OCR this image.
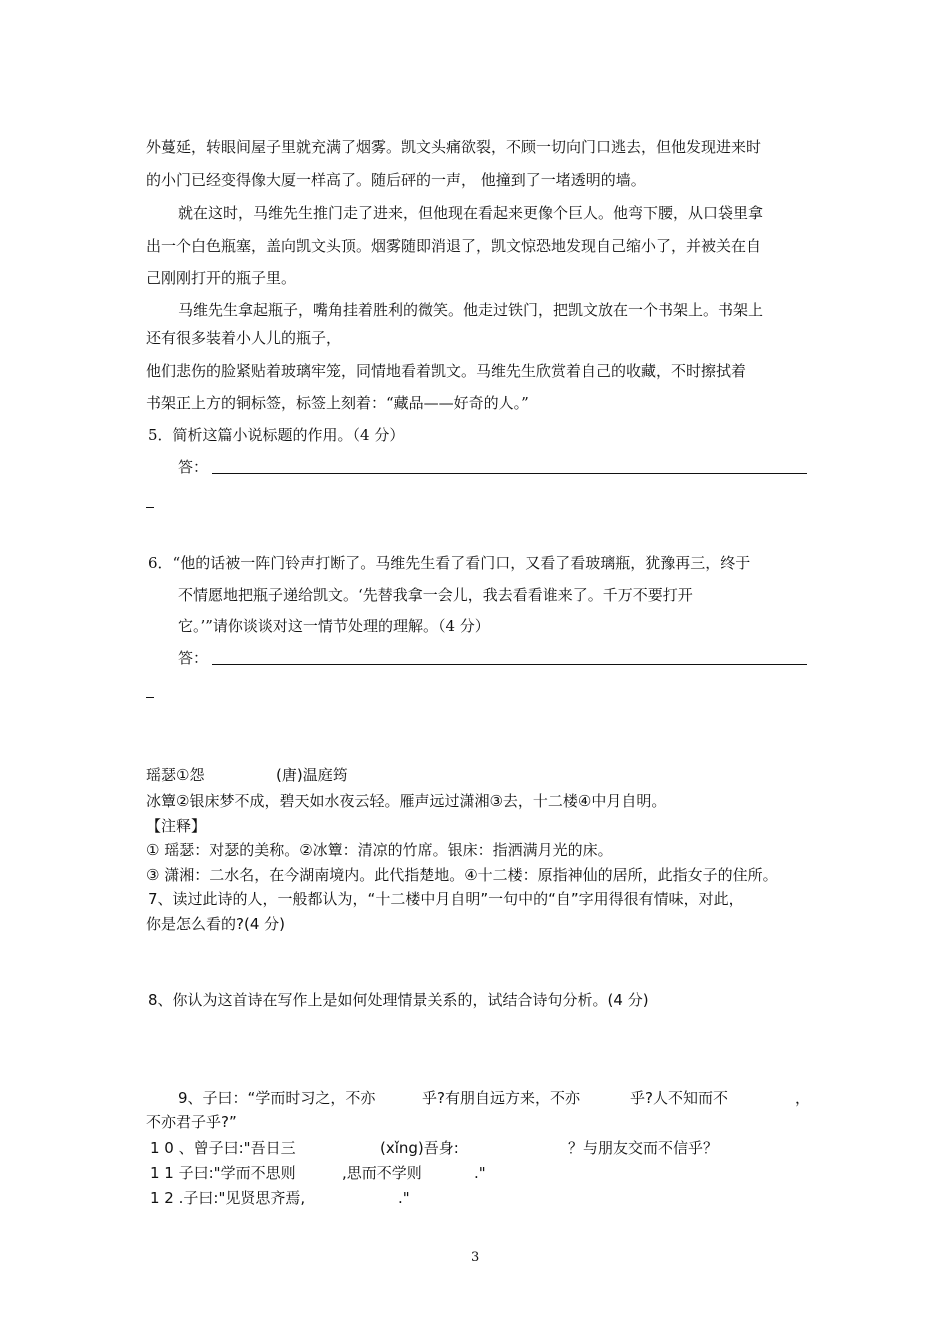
外蔓延，转眼间屋子里就充满了烟雾。凯文头痛欲裂，不顾一切向门口逃去，但他发现进来时
的小门已经变得像大厦一样高了。随后砰的一声， 他撞到了一堵透明的墙。
就在这时，马维先生推门走了进来，但他现在看起来更像个巨人。他弯下腰，从口袋里拿
出一个白色瓶塞，盖向凯文头顶。烟雾随即消退了，凯文惊恐地发现自己缩小了，并被关在自
己刚刚打开的瓶子里。
马维先生拿起瓶子，嘴角挂着胜利的微笑。他走过铁门，把凯文放在一个书架上。书架上
还有很多装着小人儿的瓶子，
他们悲伤的脸紧贴着玻璃牢笼，同情地看着凯文。马维先生欣赏着自己的收藏，不时擦拭着
书架正上方的铜标签，标签上刻着：“藏品——好奇的人。”
5．简析这篇小说标题的作用。（4 分）
答：
6．“他的话被一阵门铃声打断了。马维先生看了看门口，又看了看玻璃瓶，犹豫再三，终于
不情愿地把瓶子递给凯文。‘先替我拿一会儿，我去看看谁来了。千万不要打开
它。’”请你谈谈对这一情节处理的理解。（4 分）
答：
瑶瑟①怨	(唐)温庭筠
冰簟②银床梦不成，碧天如水夜云轻。雁声远过潇湘③去，十二楼④中月自明。
【注释】
① 瑶瑟：对瑟的美称。②冰簟：清凉的竹席。银床：指洒满月光的床。
③ 潇湘：二水名，在今湖南境内。此代指楚地。④十二楼：原指神仙的居所，此指女子的住所。
7、读过此诗的人，一般都认为，“十二楼中月自明”一句中的“自”字用得很有情味，对此，
你是怎么看的?(4 分)
8、你认为这首诗在写作上是如何处理情景关系的，试结合诗句分析。(4 分)
9、子曰：“学而时习之，不亦	乎?有朋自远方来，不亦	乎?人不知而不	，
不亦君子乎?”
1 0 、曾子曰:"吾日三	(xǐng)吾身:	？与朋友交而不信乎？
1 1 子曰:"学而不思则	,思而不学则	."
1 2 .子曰:"见贤思齐焉,	."
3
